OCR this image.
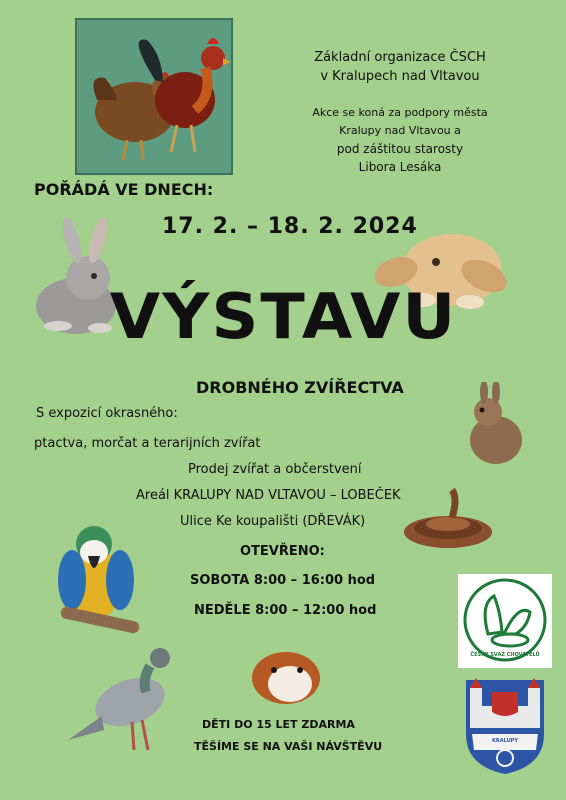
Základní organizace ČSCH
v Kralupech nad Vltavou
Akce se koná za podpory města
Kralupy nad Vltavou a
pod záštitou starosty
Libora Lesáka
POŘÁDÁ VE DNECH:
17. 2. – 18. 2. 2024
VÝSTAVU
DROBNÉHO ZVÍŘECTVA
S expozicí okrasného:
ptactva, morčat a terarijních zvířat
Prodej zvířat a občerstvení
Areál KRALUPY NAD VLTAVOU – LOBEČEK
Ulice Ke koupališti (DŘEVÁK)
OTEVŘENO:
SOBOTA 8:00 – 16:00 hod
NEDĚLE 8:00 – 12:00 hod
DĚTI DO 15 LET ZDARMA
TĚŠÍME SE NA VAŠI NÁVŠTĚVU
ČESKÝ SVAZ CHOVATELŮ
KRALUPY
